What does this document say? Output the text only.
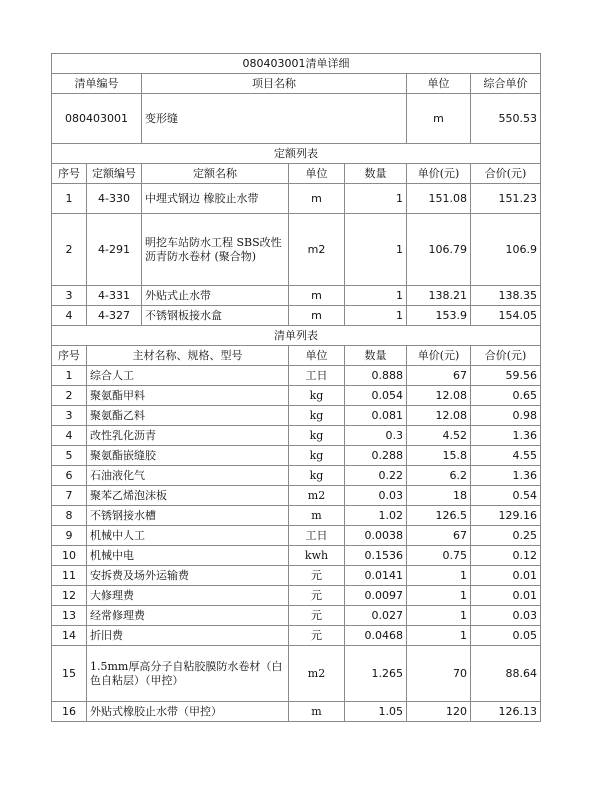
080403001清单详细						
清单编号		项目名称			单位	综合单价
080403001		变形缝			m	550.53
定额列表						
序号	定额编号	定额名称	单位	数量	单价(元)	合价(元)
1	4-330	中埋式钢边 橡胶止水带	m	1	151.08	151.23
2	4-291	明挖车站防水工程 SBS改性沥青防水卷材 (聚合物)	m2	1	106.79	106.9
3	4-331	外贴式止水带	m	1	138.21	138.35
4	4-327	不锈钢板接水盒	m	1	153.9	154.05
清单列表						
序号	主材名称、规格、型号		单位	数量	单价(元)	合价(元)
1	综合人工		工日	0.888	67	59.56
2	聚氨酯甲料		kg	0.054	12.08	0.65
3	聚氨酯乙料		kg	0.081	12.08	0.98
4	改性乳化沥青		kg	0.3	4.52	1.36
5	聚氨酯嵌缝胶		kg	0.288	15.8	4.55
6	石油液化气		kg	0.22	6.2	1.36
7	聚苯乙烯泡沫板		m2	0.03	18	0.54
8	不锈钢接水槽		m	1.02	126.5	129.16
9	机械中人工		工日	0.0038	67	0.25
10	机械中电		kwh	0.1536	0.75	0.12
11	安拆费及场外运输费		元	0.0141	1	0.01
12	大修理费		元	0.0097	1	0.01
13	经常修理费		元	0.027	1	0.03
14	折旧费		元	0.0468	1	0.05
15	1.5mm厚高分子自粘胶膜防水卷材（白色自粘层）（甲控）		m2	1.265	70	88.64
16	外贴式橡胶止水带（甲控）		m	1.05	120	126.13
